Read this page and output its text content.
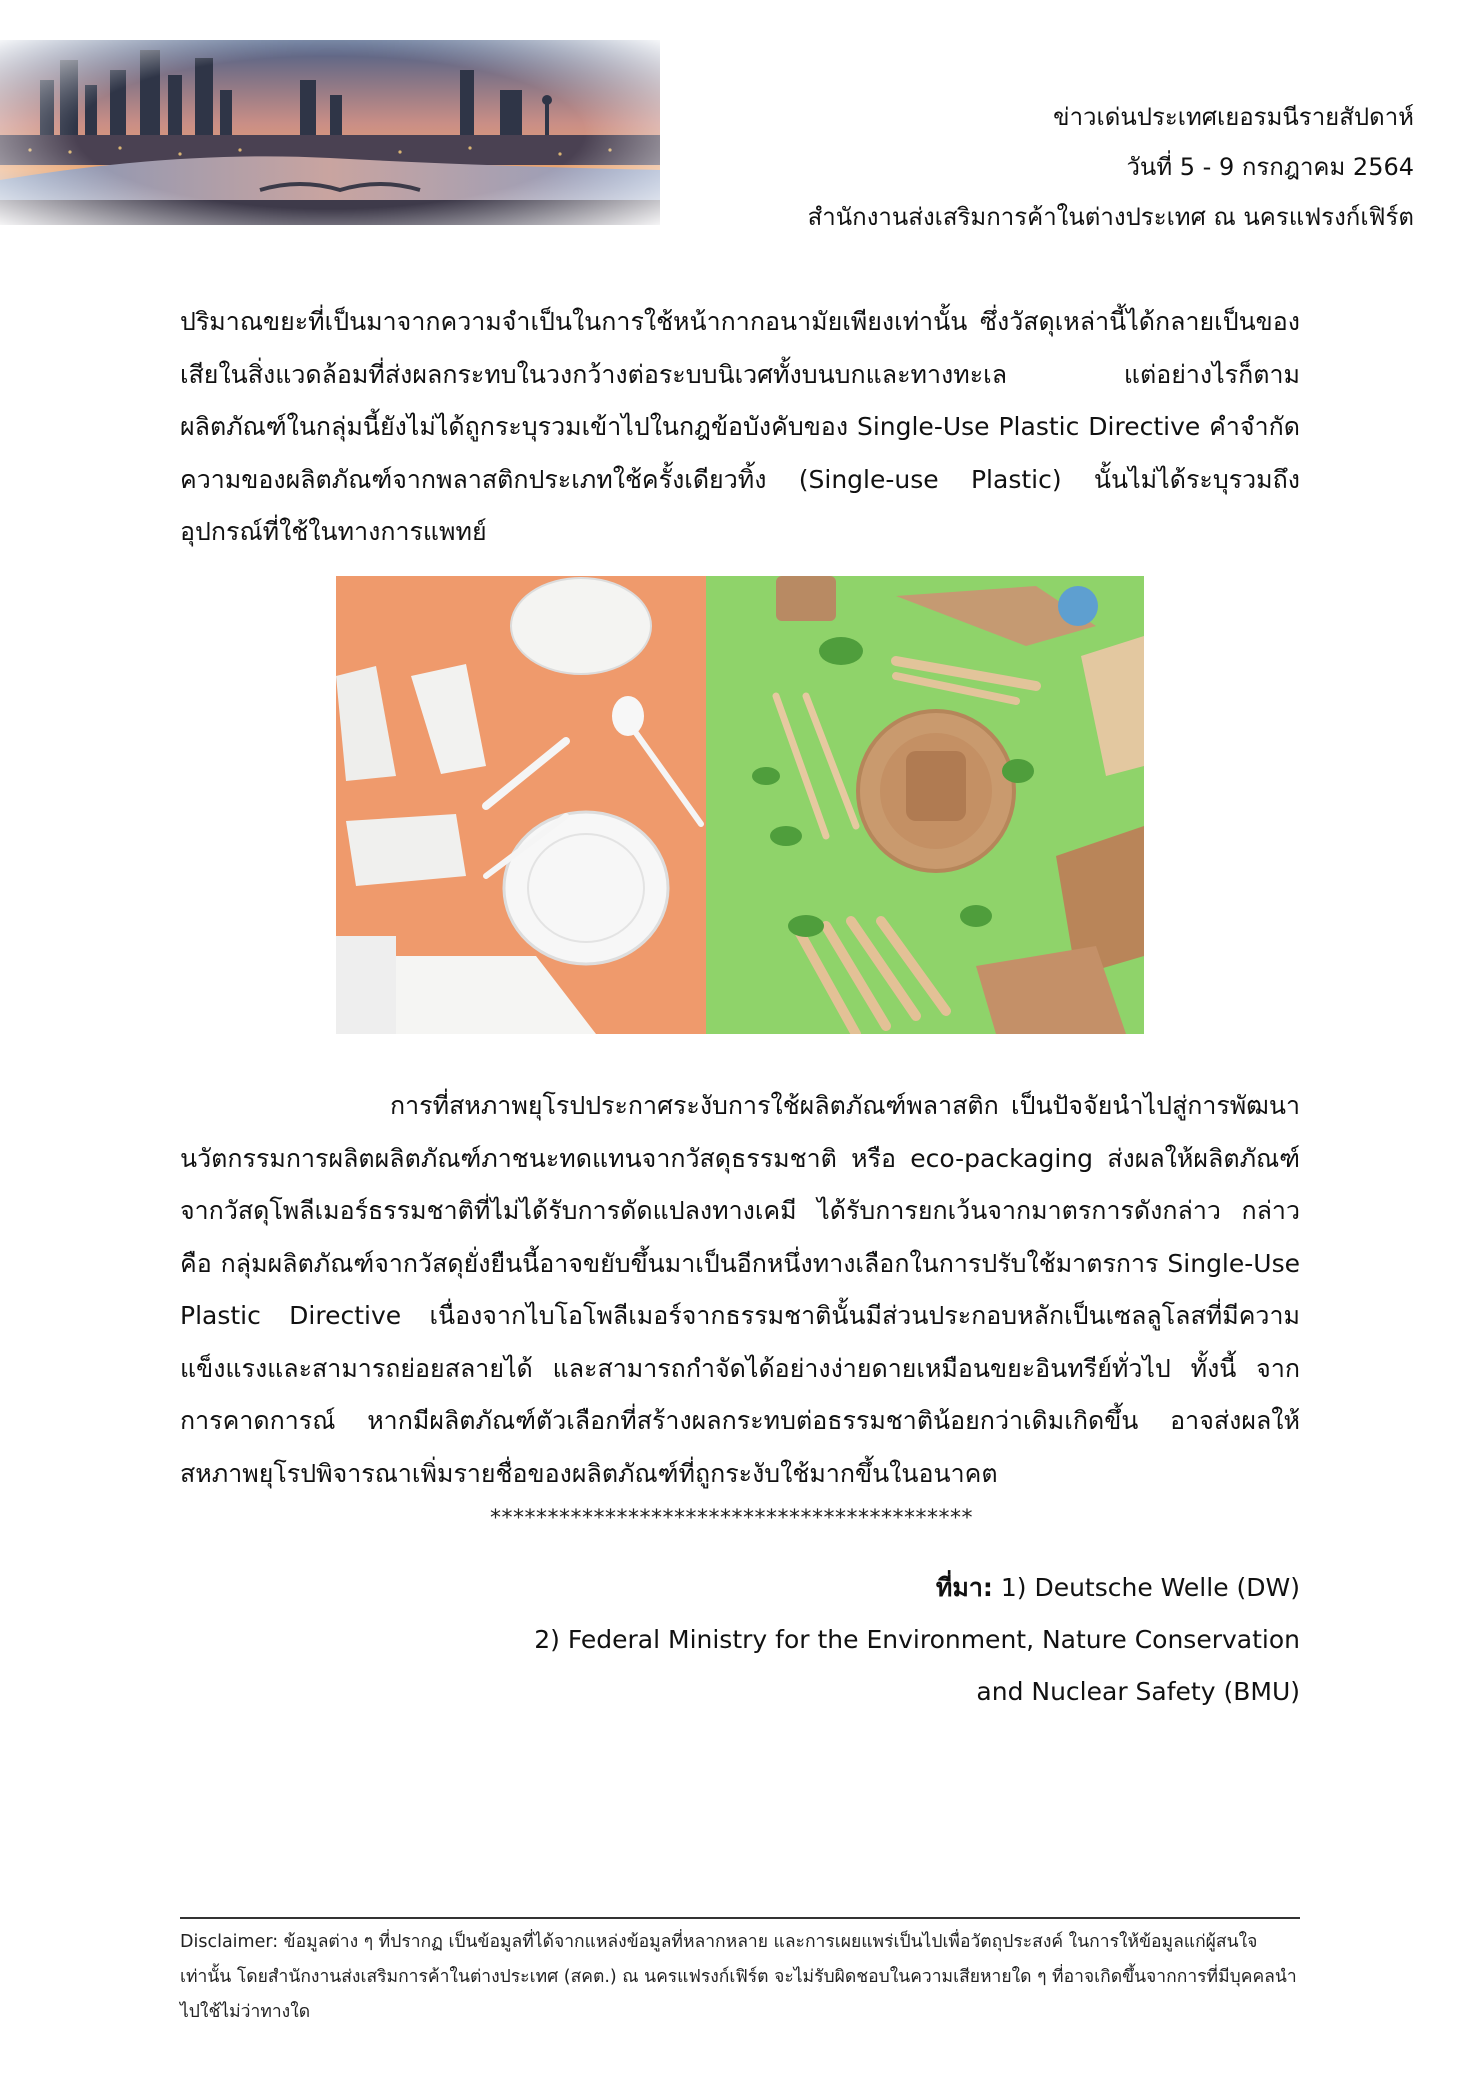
ข่าวเด่นประเทศเยอรมนีรายสัปดาห์
วันที่ 5 - 9 กรกฎาคม 2564
สำนักงานส่งเสริมการค้าในต่างประเทศ ณ นครแฟรงก์เฟิร์ต
ปริมาณขยะที่เป็นมาจากความจำเป็นในการใช้หน้ากากอนามัยเพียงเท่านั้น ซึ่งวัสดุเหล่านี้ได้กลายเป็นของเสียในสิ่งแวดล้อมที่ส่งผลกระทบในวงกว้างต่อระบบนิเวศทั้งบนบกและทางทะเล แต่อย่างไรก็ตาม ผลิตภัณฑ์ในกลุ่มนี้ยังไม่ได้ถูกระบุรวมเข้าไปในกฎข้อบังคับของ Single-Use Plastic Directive คำจำกัดความของผลิตภัณฑ์จากพลาสติกประเภทใช้ครั้งเดียวทิ้ง (Single-use Plastic) นั้นไม่ได้ระบุรวมถึงอุปกรณ์ที่ใช้ในทางการแพทย์
การที่สหภาพยุโรปประกาศระงับการใช้ผลิตภัณฑ์พลาสติก เป็นปัจจัยนำไปสู่การพัฒนานวัตกรรมการผลิตผลิตภัณฑ์ภาชนะทดแทนจากวัสดุธรรมชาติ หรือ eco-packaging ส่งผลให้ผลิตภัณฑ์จากวัสดุโพลีเมอร์ธรรมชาติที่ไม่ได้รับการดัดแปลงทางเคมี ได้รับการยกเว้นจากมาตรการดังกล่าว กล่าวคือ กลุ่มผลิตภัณฑ์จากวัสดุยั่งยืนนี้อาจขยับขึ้นมาเป็นอีกหนึ่งทางเลือกในการปรับใช้มาตรการ Single-Use Plastic Directive เนื่องจากไบโอโพลีเมอร์จากธรรมชาตินั้นมีส่วนประกอบหลักเป็นเซลลูโลสที่มีความแข็งแรงและสามารถย่อยสลายได้ และสามารถกำจัดได้อย่างง่ายดายเหมือนขยะอินทรีย์ทั่วไป ทั้งนี้ จากการคาดการณ์ หากมีผลิตภัณฑ์ตัวเลือกที่สร้างผลกระทบต่อธรรมชาติน้อยกว่าเดิมเกิดขึ้น อาจส่งผลให้สหภาพยุโรปพิจารณาเพิ่มรายชื่อของผลิตภัณฑ์ที่ถูกระงับใช้มากขึ้นในอนาคต
******************************************
ที่มา: 1) Deutsche Welle (DW)
2) Federal Ministry for the Environment, Nature Conservation
and Nuclear Safety (BMU)
Disclaimer: ข้อมูลต่าง ๆ ที่ปรากฏ เป็นข้อมูลที่ได้จากแหล่งข้อมูลที่หลากหลาย และการเผยแพร่เป็นไปเพื่อวัตถุประสงค์ ในการให้ข้อมูลแก่ผู้สนใจเท่านั้น โดยสำนักงานส่งเสริมการค้าในต่างประเทศ (สคต.) ณ นครแฟรงก์เฟิร์ต จะไม่รับผิดชอบในความเสียหายใด ๆ ที่อาจเกิดขึ้นจากการที่มีบุคคลนำไปใช้ไม่ว่าทางใด
